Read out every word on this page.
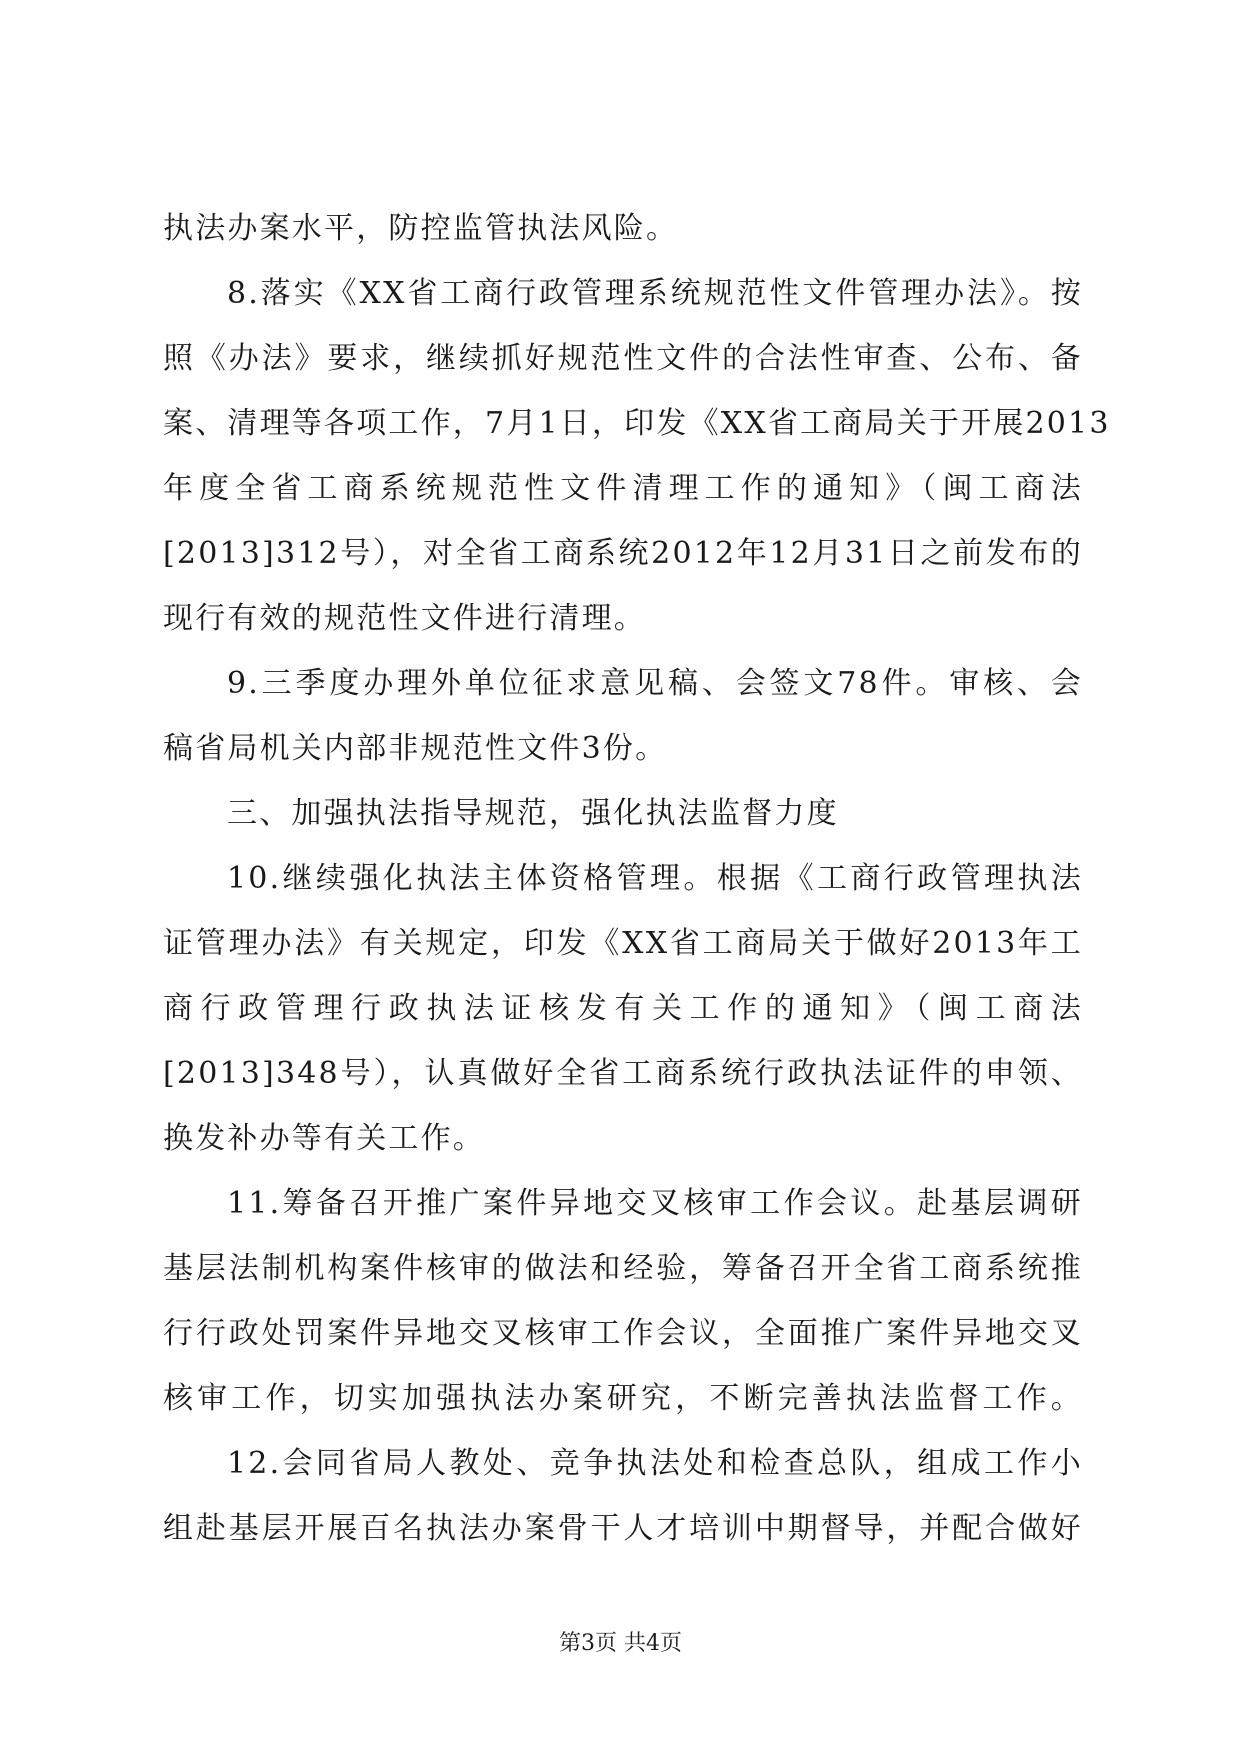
执法办案水平，防控监管执法风险。
8.落实《XX省工商行政管理系统规范性文件管理办法》。按
照《办法》要求，继续抓好规范性文件的合法性审查、公布、备
案、清理等各项工作，7月1日，印发《XX省工商局关于开展2013
年度全省工商系统规范性文件清理工作的通知》（闽工商法
[2013]312号），对全省工商系统2012年12月31日之前发布的
现行有效的规范性文件进行清理。
9.三季度办理外单位征求意见稿、会签文78件。审核、会
稿省局机关内部非规范性文件3份。
三、加强执法指导规范，强化执法监督力度
10.继续强化执法主体资格管理。根据《工商行政管理执法
证管理办法》有关规定，印发《XX省工商局关于做好2013年工
商行政管理行政执法证核发有关工作的通知》（闽工商法
[2013]348号），认真做好全省工商系统行政执法证件的申领、
换发补办等有关工作。
11.筹备召开推广案件异地交叉核审工作会议。赴基层调研
基层法制机构案件核审的做法和经验，筹备召开全省工商系统推
行行政处罚案件异地交叉核审工作会议，全面推广案件异地交叉
核审工作，切实加强执法办案研究，不断完善执法监督工作。
12.会同省局人教处、竞争执法处和检查总队，组成工作小
组赴基层开展百名执法办案骨干人才培训中期督导，并配合做好
第3页 共4页
